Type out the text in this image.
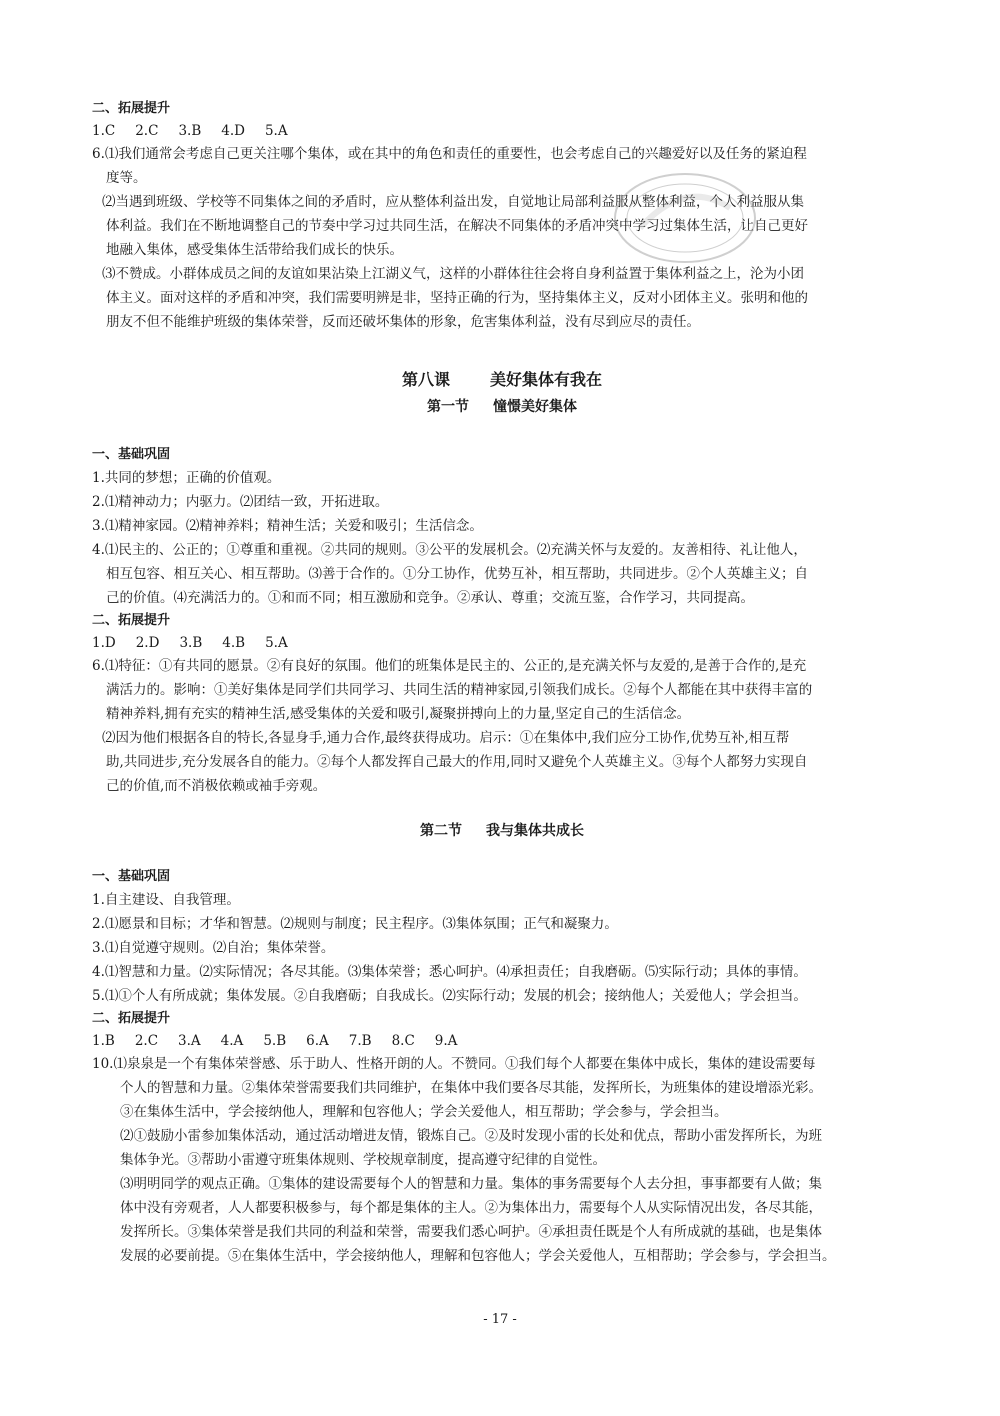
二、拓展提升
1.C 2.C 3.B 4.D 5.A
6.⑴我们通常会考虑自己更关注哪个集体，或在其中的角色和责任的重要性，也会考虑自己的兴趣爱好以及任务的紧迫程
度等。
⑵当遇到班级、学校等不同集体之间的矛盾时，应从整体利益出发，自觉地让局部利益服从整体利益，个人利益服从集
体利益。我们在不断地调整自己的节奏中学习过共同生活，在解决不同集体的矛盾冲突中学习过集体生活，让自己更好
地融入集体，感受集体生活带给我们成长的快乐。
⑶不赞成。小群体成员之间的友谊如果沾染上江湖义气，这样的小群体往往会将自身利益置于集体利益之上，沦为小团
体主义。面对这样的矛盾和冲突，我们需要明辨是非，坚持正确的行为，坚持集体主义，反对小团体主义。张明和他的
朋友不但不能维护班级的集体荣誉，反而还破坏集体的形象，危害集体利益，没有尽到应尽的责任。
第八课	美好集体有我在
第一节 憧憬美好集体
一、基础巩固
1.共同的梦想；正确的价值观。
2.⑴精神动力；内驱力。⑵团结一致，开拓进取。
3.⑴精神家园。⑵精神养料；精神生活；关爱和吸引；生活信念。
4.⑴民主的、公正的；①尊重和重视。②共同的规则。③公平的发展机会。⑵充满关怀与友爱的。友善相待、礼让他人，
相互包容、相互关心、相互帮助。⑶善于合作的。①分工协作，优势互补，相互帮助，共同进步。②个人英雄主义；自
己的价值。⑷充满活力的。①和而不同；相互激励和竞争。②承认、尊重；交流互鉴，合作学习，共同提高。
二、拓展提升
1.D 2.D 3.B 4.B 5.A
6.⑴特征：①有共同的愿景。②有良好的氛围。他们的班集体是民主的、公正的,是充满关怀与友爱的,是善于合作的,是充
满活力的。影响：①美好集体是同学们共同学习、共同生活的精神家园,引领我们成长。②每个人都能在其中获得丰富的
精神养料,拥有充实的精神生活,感受集体的关爱和吸引,凝聚拼搏向上的力量,坚定自己的生活信念。
⑵因为他们根据各自的特长,各显身手,通力合作,最终获得成功。启示：①在集体中,我们应分工协作,优势互补,相互帮
助,共同进步,充分发展各自的能力。②每个人都发挥自己最大的作用,同时又避免个人英雄主义。③每个人都努力实现自
己的价值,而不消极依赖或袖手旁观。
第二节 我与集体共成长
一、基础巩固
1.自主建设、自我管理。
2.⑴愿景和目标；才华和智慧。⑵规则与制度；民主程序。⑶集体氛围；正气和凝聚力。
3.⑴自觉遵守规则。⑵自治；集体荣誉。
4.⑴智慧和力量。⑵实际情况；各尽其能。⑶集体荣誉；悉心呵护。⑷承担责任；自我磨砺。⑸实际行动；具体的事情。
5.⑴①个人有所成就；集体发展。②自我磨砺；自我成长。⑵实际行动；发展的机会；接纳他人；关爱他人；学会担当。
二、拓展提升
1.B 2.C 3.A 4.A 5.B 6.A 7.B 8.C 9.A
10.⑴泉泉是一个有集体荣誉感、乐于助人、性格开朗的人。不赞同。①我们每个人都要在集体中成长，集体的建设需要每
个人的智慧和力量。②集体荣誉需要我们共同维护，在集体中我们要各尽其能，发挥所长，为班集体的建设增添光彩。
③在集体生活中，学会接纳他人，理解和包容他人；学会关爱他人，相互帮助；学会参与，学会担当。
⑵①鼓励小雷参加集体活动，通过活动增进友情，锻炼自己。②及时发现小雷的长处和优点，帮助小雷发挥所长，为班
集体争光。③帮助小雷遵守班集体规则、学校规章制度，提高遵守纪律的自觉性。
⑶明明同学的观点正确。①集体的建设需要每个人的智慧和力量。集体的事务需要每个人去分担，事事都要有人做；集
体中没有旁观者，人人都要积极参与，每个都是集体的主人。②为集体出力，需要每个人从实际情况出发，各尽其能，
发挥所长。③集体荣誉是我们共同的利益和荣誉，需要我们悉心呵护。④承担责任既是个人有所成就的基础，也是集体
发展的必要前提。⑤在集体生活中，学会接纳他人，理解和包容他人；学会关爱他人，互相帮助；学会参与，学会担当。
- 17 -
